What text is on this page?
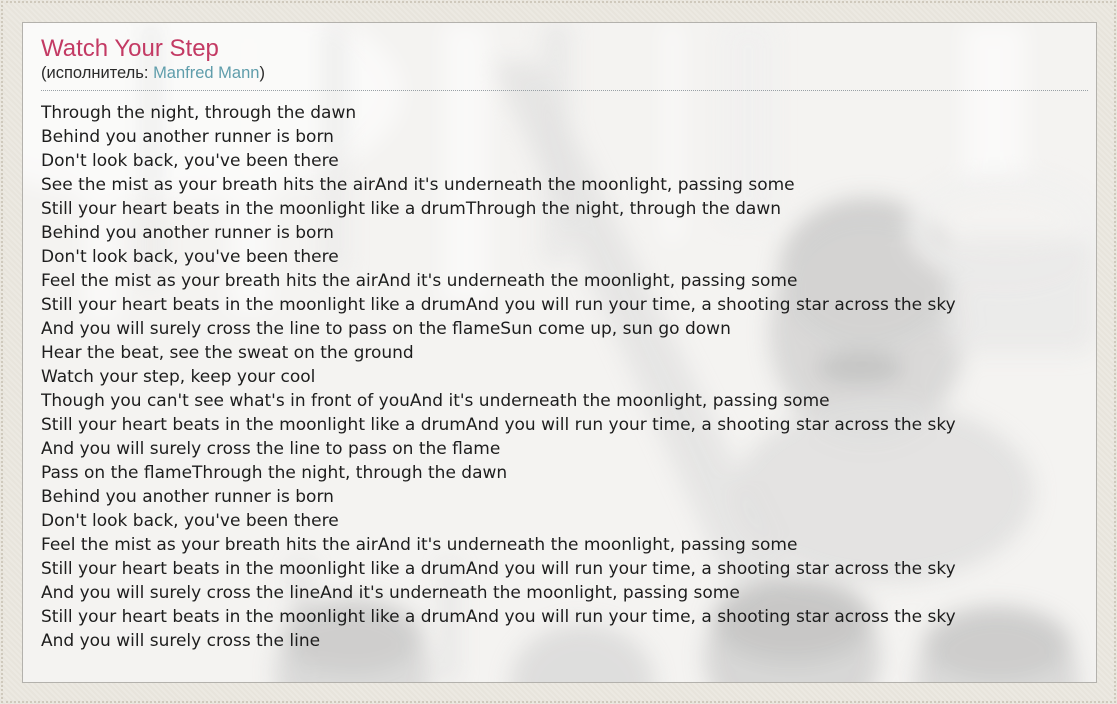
Watch Your Step
(исполнитель: Manfred Mann)
Through the night, through the dawn
Behind you another runner is born
Don't look back, you've been there
See the mist as your breath hits the airAnd it's underneath the moonlight, passing some
Still your heart beats in the moonlight like a drumThrough the night, through the dawn
Behind you another runner is born
Don't look back, you've been there
Feel the mist as your breath hits the airAnd it's underneath the moonlight, passing some
Still your heart beats in the moonlight like a drumAnd you will run your time, a shooting star across the sky
And you will surely cross the line to pass on the flameSun come up, sun go down
Hear the beat, see the sweat on the ground
Watch your step, keep your cool
Though you can't see what's in front of youAnd it's underneath the moonlight, passing some
Still your heart beats in the moonlight like a drumAnd you will run your time, a shooting star across the sky
And you will surely cross the line to pass on the flame
Pass on the flameThrough the night, through the dawn
Behind you another runner is born
Don't look back, you've been there
Feel the mist as your breath hits the airAnd it's underneath the moonlight, passing some
Still your heart beats in the moonlight like a drumAnd you will run your time, a shooting star across the sky
And you will surely cross the lineAnd it's underneath the moonlight, passing some
Still your heart beats in the moonlight like a drumAnd you will run your time, a shooting star across the sky
And you will surely cross the line
